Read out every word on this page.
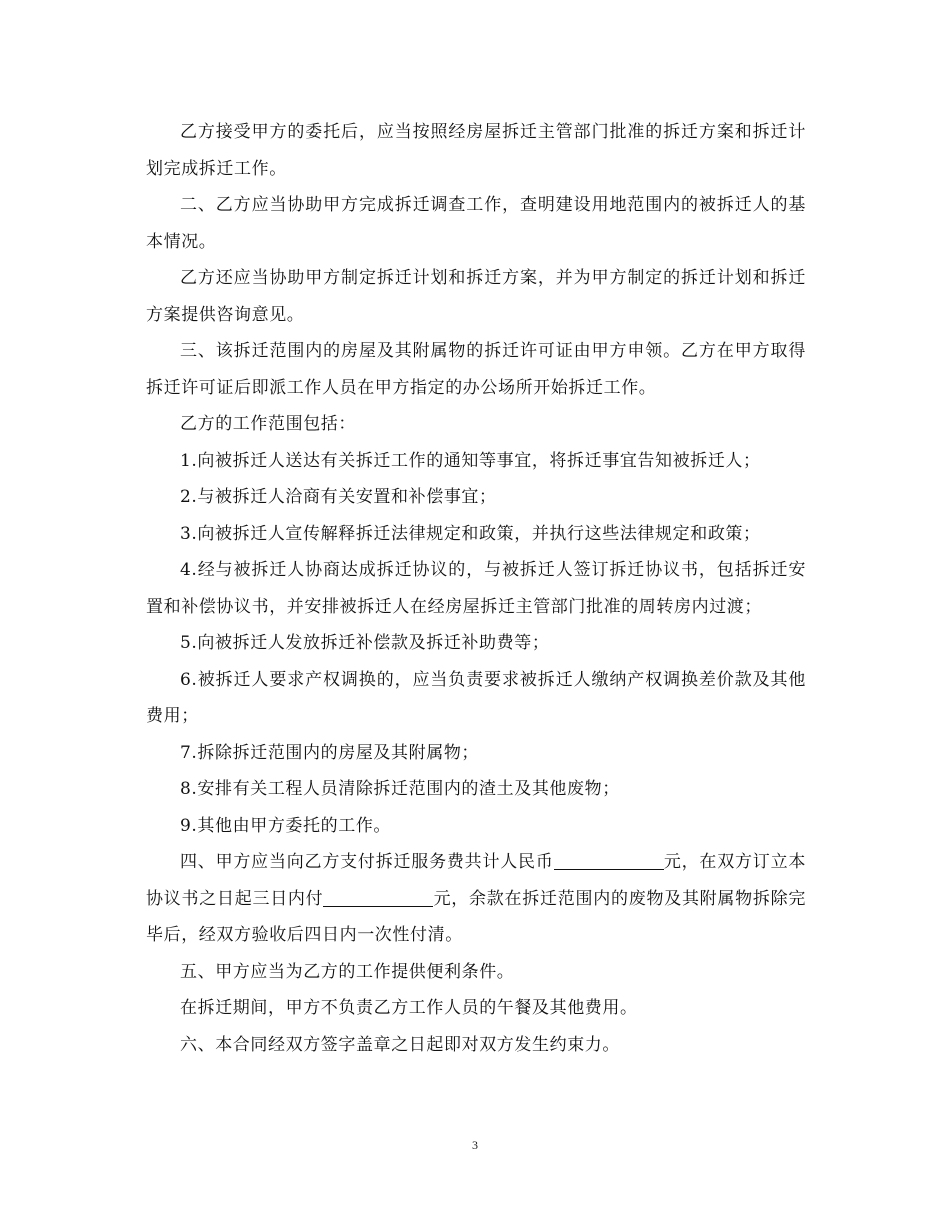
乙方接受甲方的委托后，应当按照经房屋拆迁主管部门批准的拆迁方案和拆迁计划完成拆迁工作。

二、乙方应当协助甲方完成拆迁调查工作，查明建设用地范围内的被拆迁人的基本情况。

乙方还应当协助甲方制定拆迁计划和拆迁方案，并为甲方制定的拆迁计划和拆迁方案提供咨询意见。

三、该拆迁范围内的房屋及其附属物的拆迁许可证由甲方申领。乙方在甲方取得拆迁许可证后即派工作人员在甲方指定的办公场所开始拆迁工作。

乙方的工作范围包括：

1.向被拆迁人送达有关拆迁工作的通知等事宜，将拆迁事宜告知被拆迁人；

2.与被拆迁人洽商有关安置和补偿事宜；

3.向被拆迁人宣传解释拆迁法律规定和政策，并执行这些法律规定和政策；

4.经与被拆迁人协商达成拆迁协议的，与被拆迁人签订拆迁协议书，包括拆迁安置和补偿协议书，并安排被拆迁人在经房屋拆迁主管部门批准的周转房内过渡；

5.向被拆迁人发放拆迁补偿款及拆迁补助费等；

6.被拆迁人要求产权调换的，应当负责要求被拆迁人缴纳产权调换差价款及其他费用；

7.拆除拆迁范围内的房屋及其附属物；

8.安排有关工程人员清除拆迁范围内的渣土及其他废物；

9.其他由甲方委托的工作。

四、甲方应当向乙方支付拆迁服务费共计人民币	元，在双方订立本协议书之日起三日内付	元，余款在拆迁范围内的废物及其附属物拆除完毕后，经双方验收后四日内一次性付清。

五、甲方应当为乙方的工作提供便利条件。

在拆迁期间，甲方不负责乙方工作人员的午餐及其他费用。

六、本合同经双方签字盖章之日起即对双方发生约束力。

3
